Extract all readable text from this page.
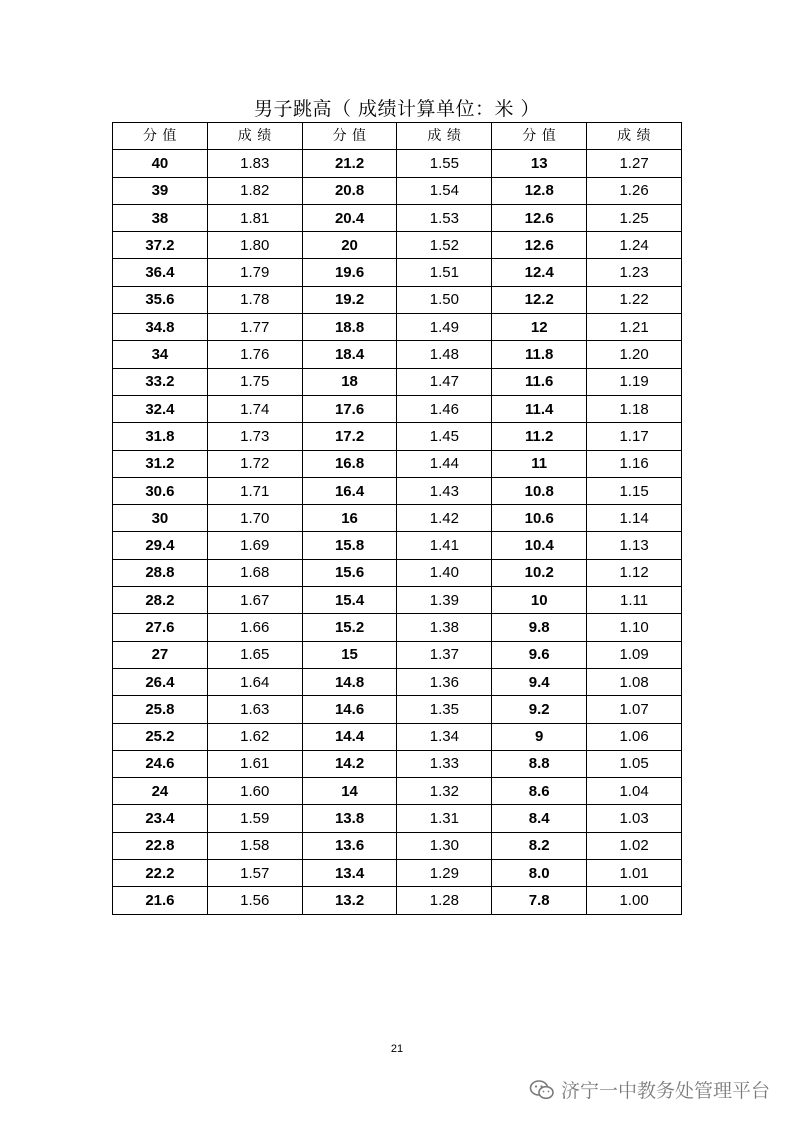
男子跳高（ 成绩计算单位：米 ）
分 值	成 绩	分 值	成 绩	分 值	成 绩
40	1.83	21.2	1.55	13	1.27
39	1.82	20.8	1.54	12.8	1.26
38	1.81	20.4	1.53	12.6	1.25
37.2	1.80	20	1.52	12.6	1.24
36.4	1.79	19.6	1.51	12.4	1.23
35.6	1.78	19.2	1.50	12.2	1.22
34.8	1.77	18.8	1.49	12	1.21
34	1.76	18.4	1.48	11.8	1.20
33.2	1.75	18	1.47	11.6	1.19
32.4	1.74	17.6	1.46	11.4	1.18
31.8	1.73	17.2	1.45	11.2	1.17
31.2	1.72	16.8	1.44	11	1.16
30.6	1.71	16.4	1.43	10.8	1.15
30	1.70	16	1.42	10.6	1.14
29.4	1.69	15.8	1.41	10.4	1.13
28.8	1.68	15.6	1.40	10.2	1.12
28.2	1.67	15.4	1.39	10	1.11
27.6	1.66	15.2	1.38	9.8	1.10
27	1.65	15	1.37	9.6	1.09
26.4	1.64	14.8	1.36	9.4	1.08
25.8	1.63	14.6	1.35	9.2	1.07
25.2	1.62	14.4	1.34	9	1.06
24.6	1.61	14.2	1.33	8.8	1.05
24	1.60	14	1.32	8.6	1.04
23.4	1.59	13.8	1.31	8.4	1.03
22.8	1.58	13.6	1.30	8.2	1.02
22.2	1.57	13.4	1.29	8.0	1.01
21.6	1.56	13.2	1.28	7.8	1.00
21
济宁一中教务处管理平台
